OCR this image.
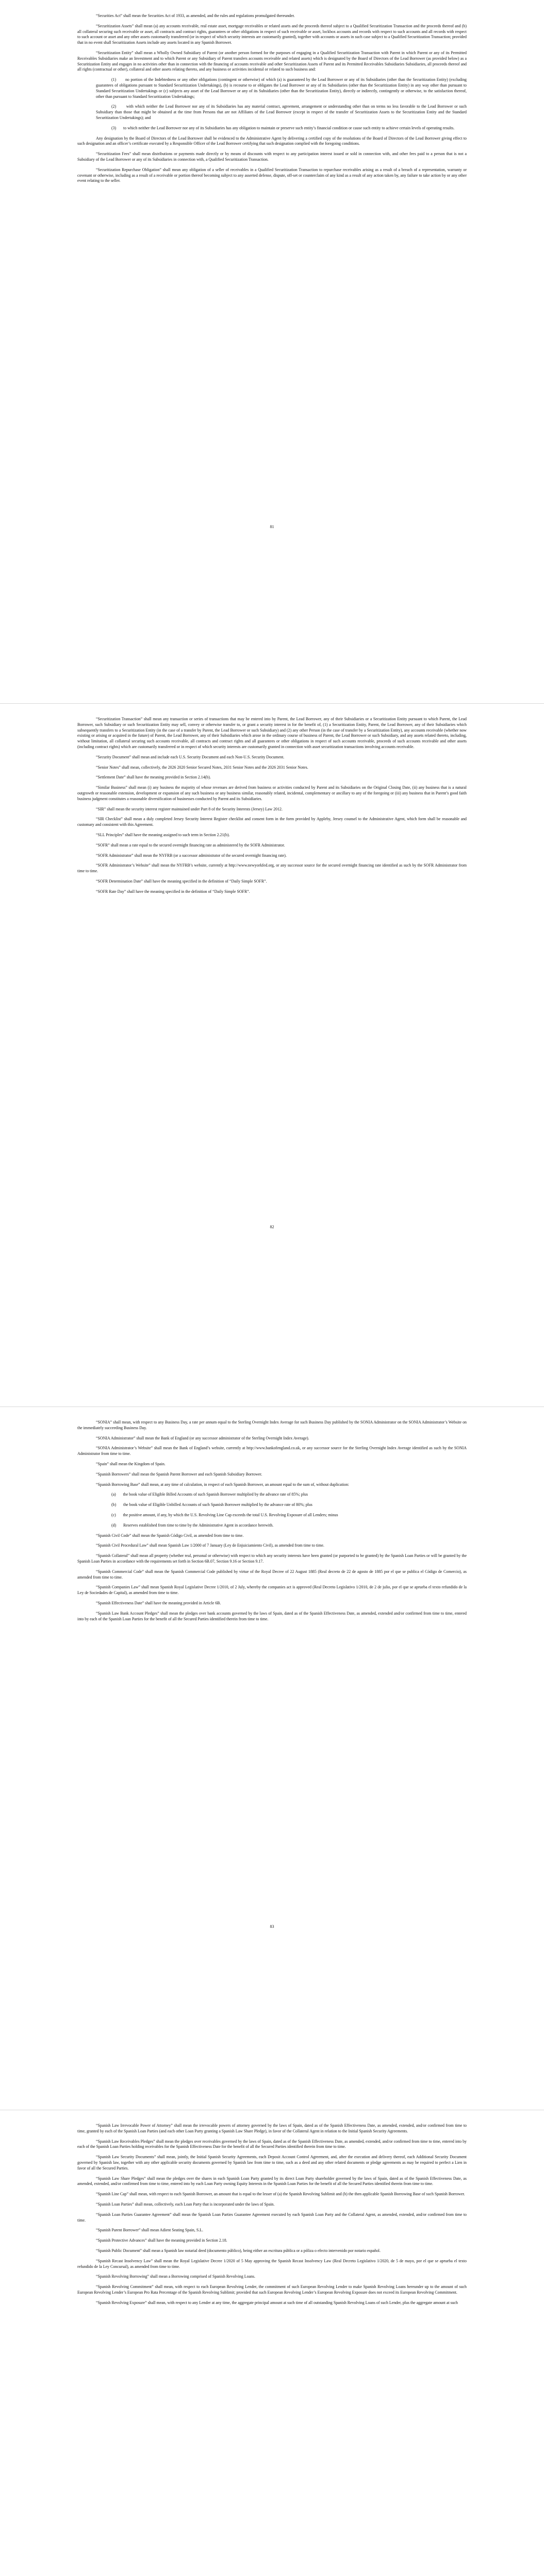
“Securities Act” shall mean the Securities Act of 1933, as amended, and the rules and regulations promulgated thereunder.

“Securitization Assets” shall mean (a) any accounts receivable, real estate asset, mortgage receivables or related assets and the proceeds thereof subject to a Qualified Securitization Transaction and the proceeds thereof and (b) all collateral securing such receivable or asset, all contracts and contract rights, guarantees or other obligations in respect of such receivable or asset, lockbox accounts and records with respect to such accounts and all records with respect to such account or asset and any other assets customarily transferred (or in respect of which security interests are customarily granted), together with accounts or assets in such case subject to a Qualified Securitization Transaction; provided that in no event shall Securitization Assets include any assets located in any Spanish Borrower.

“Securitization Entity” shall mean a Wholly Owned Subsidiary of Parent (or another person formed for the purposes of engaging in a Qualified Securitization Transaction with Parent in which Parent or any of its Permitted Receivables Subsidiaries make an Investment and to which Parent or any Subsidiary of Parent transfers accounts receivable and related assets) which is designated by the Board of Directors of the Lead Borrower (as provided below) as a Securitization Entity and engages in no activities other than in connection with the financing of accounts receivable and other Securitization Assets of Parent and its Permitted Receivables Subsidiaries Subsidiaries, all proceeds thereof and all rights (contractual or other), collateral and other assets relating thereto, and any business or activities incidental or related to such business and:

(1)       no portion of the Indebtedness or any other obligations (contingent or otherwise) of which (a) is guaranteed by the Lead Borrower or any of its Subsidiaries (other than the Securitization Entity) (excluding guarantees of obligations pursuant to Standard Securitization Undertakings), (b) is recourse to or obligates the Lead Borrower or any of its Subsidiaries (other than the Securitization Entity) in any way other than pursuant to Standard Securitization Undertakings or (c) subjects any asset of the Lead Borrower or any of its Subsidiaries (other than the Securitization Entity), directly or indirectly, contingently or otherwise, to the satisfaction thereof, other than pursuant to Standard Securitization Undertakings;

(2)       with which neither the Lead Borrower nor any of its Subsidiaries has any material contract, agreement, arrangement or understanding other than on terms no less favorable to the Lead Borrower or such Subsidiary than those that might be obtained at the time from Persons that are not Affiliates of the Lead Borrower (except in respect of the transfer of Securitization Assets to the Securitization Entity and the Standard Securitization Undertakings); and

(3)       to which neither the Lead Borrower nor any of its Subsidiaries has any obligation to maintain or preserve such entity’s financial condition or cause such entity to achieve certain levels of operating results.

Any designation by the Board of Directors of the Lead Borrower shall be evidenced to the Administrative Agent by delivering a certified copy of the resolutions of the Board of Directors of the Lead Borrower giving effect to such designation and an officer’s certificate executed by a Responsible Officer of the Lead Borrower certifying that such designation complied with the foregoing conditions.

“Securitization Fees” shall mean distributions or payments made directly or by means of discounts with respect to any participation interest issued or sold in connection with, and other fees paid to a person that is not a Subsidiary of the Lead Borrower or any of its Subsidiaries in connection with, a Qualified Securitization Transaction.

“Securitization Repurchase Obligation” shall mean any obligation of a seller of receivables in a Qualified Securitization Transaction to repurchase receivables arising as a result of a breach of a representation, warranty or covenant or otherwise, including as a result of a receivable or portion thereof becoming subject to any asserted defense, dispute, off-set or counterclaim of any kind as a result of any action taken by, any failure to take action by or any other event relating to the seller.

81

“Securitization Transaction” shall mean any transaction or series of transactions that may be entered into by Parent, the Lead Borrower, any of their Subsidiaries or a Securitization Entity pursuant to which Parent, the Lead Borrower, such Subsidiary or such Securitization Entity may sell, convey or otherwise transfer to, or grant a security interest in for the benefit of, (1) a Securitization Entity, Parent, the Lead Borrower, any of their Subsidiaries which subsequently transfers to a Securitization Entity (in the case of a transfer by Parent, the Lead Borrower or such Subsidiary) and (2) any other Person (in the case of transfer by a Securitization Entity), any accounts receivable (whether now existing or arising or acquired in the future) of Parent, the Lead Borrower, any of their Subsidiaries which arose in the ordinary course of business of Parent, the Lead Borrower or such Subsidiary, and any assets related thereto, including, without limitation, all collateral securing such accounts receivable, all contracts and contract rights and all guarantees or other obligations in respect of such accounts receivable, proceeds of such accounts receivable and other assets (including contract rights) which are customarily transferred or in respect of which security interests are customarily granted in connection with asset securitization transactions involving accounts receivable.

“Security Document” shall mean and include each U.S. Security Document and each Non-U.S. Security Document.

“Senior Notes” shall mean, collectively, the 2026 2020 Senior Secured Notes, 2031 Senior Notes and the 2026 2031 Senior Notes.

“Settlement Date” shall have the meaning provided in Section 2.14(b).

“Similar Business” shall mean (i) any business the majority of whose revenues are derived from business or activities conducted by Parent and its Subsidiaries on the Original Closing Date, (ii) any business that is a natural outgrowth or reasonable extension, development or expansion of any such business or any business similar, reasonably related, incidental, complementary or ancillary to any of the foregoing or (iii) any business that in Parent’s good faith business judgment constitutes a reasonable diversification of businesses conducted by Parent and its Subsidiaries.

“SIR” shall mean the security interest register maintained under Part 8 of the Security Interests (Jersey) Law 2012.

“SIR Checklist” shall mean a duly completed Jersey Security Interest Register checklist and consent form in the form provided by Appleby, Jersey counsel to the Administrative Agent, which form shall be reasonable and customary and consistent with this Agreement.

“SLL Principles” shall have the meaning assigned to such term in Section 2.21(b).

“SOFR” shall mean a rate equal to the secured overnight financing rate as administered by the SOFR Administrator.

“SOFR Administrator” shall mean the NYFRB (or a successor administrator of the secured overnight financing rate).

“SOFR Administrator’s Website” shall mean the NYFRB’s website, currently at http://www.newyorkfed.org, or any successor source for the secured overnight financing rate identified as such by the SOFR Administrator from time to time.

“SOFR Determination Date” shall have the meaning specified in the definition of “Daily Simple SOFR”.

“SOFR Rate Day” shall have the meaning specified in the definition of “Daily Simple SOFR”.

82

“SONIA” shall mean, with respect to any Business Day, a rate per annum equal to the Sterling Overnight Index Average for such Business Day published by the SONIA Administrator on the SONIA Administrator’s Website on the immediately succeeding Business Day.

“SONIA Administrator” shall mean the Bank of England (or any successor administrator of the Sterling Overnight Index Average).

“SONIA Administrator’s Website” shall mean the Bank of England’s website, currently at http://www.bankofengland.co.uk, or any successor source for the Sterling Overnight Index Average identified as such by the SONIA Administrator from time to time.

“Spain” shall mean the Kingdom of Spain.

“Spanish Borrowers” shall mean the Spanish Parent Borrower and each Spanish Subsidiary Borrower.

“Spanish Borrowing Base” shall mean, at any time of calculation, in respect of each Spanish Borrower, an amount equal to the sum of, without duplication:

(a)       the book value of Eligible Billed Accounts of such Spanish Borrower multiplied by the advance rate of 85%; plus

(b)       the book value of Eligible Unbilled Accounts of such Spanish Borrower multiplied by the advance rate of 80%; plus

(c)       the positive amount, if any, by which the U.S. Revolving Line Cap exceeds the total U.S. Revolving Exposure of all Lenders; minus

(d)       Reserves established from time to time by the Administrative Agent in accordance herewith.

“Spanish Civil Code” shall mean the Spanish Código Civil, as amended from time to time.

“Spanish Civil Procedural Law” shall mean Spanish Law 1/2000 of 7 January (Ley de Enjuiciamiento Civil), as amended from time to time.

“Spanish Collateral” shall mean all property (whether real, personal or otherwise) with respect to which any security interests have been granted (or purported to be granted) by the Spanish Loan Parties or will be granted by the Spanish Loan Parties in accordance with the requirements set forth in Section 6B.07, Section 9.16 or Section 9.17.

“Spanish Commercial Code” shall mean the Spanish Commercial Code published by virtue of the Royal Decree of 22 August 1885 (Real decreto de 22 de agosto de 1885 por el que se publica el Código de Comercio), as amended from time to time.

“Spanish Companies Law” shall mean Spanish Royal Legislative Decree 1/2010, of 2 July, whereby the companies act is approved (Real Decreto Legislativo 1/2010, de 2 de julio, por el que se aprueba el texto refundido de la Ley de Sociedades de Capital), as amended from time to time.

“Spanish Effectiveness Date” shall have the meaning provided in Article 6B.

“Spanish Law Bank Account Pledges” shall mean the pledges over bank accounts governed by the laws of Spain, dated as of the Spanish Effectiveness Date, as amended, extended and/or confirmed from time to time, entered into by each of the Spanish Loan Parties for the benefit of all the Secured Parties identified therein from time to time.

83

“Spanish Law Irrevocable Power of Attorney” shall mean the irrevocable powers of attorney governed by the laws of Spain, dated as of the Spanish Effectiveness Date, as amended, extended, and/or confirmed from time to time, granted by each of the Spanish Loan Parties (and each other Loan Party granting a Spanish Law Share Pledge), in favor of the Collateral Agent in relation to the Initial Spanish Security Agreements.

“Spanish Law Receivables Pledges” shall mean the pledges over receivables governed by the laws of Spain, dated as of the Spanish Effectiveness Date, as amended, extended, and/or confirmed from time to time, entered into by each of the Spanish Loan Parties holding receivables for the Spanish Effectiveness Date for the benefit of all the Secured Parties identified therein from time to time.

“Spanish Law Security Documents” shall mean, jointly, the Initial Spanish Security Agreements, each Deposit Account Control Agreement, and, after the execution and delivery thereof, each Additional Security Document governed by Spanish law, together with any other applicable security documents governed by Spanish law from time to time, such as a deed and any other related documents or pledge agreements as may be required to perfect a Lien in favor of all the Secured Parties.

“Spanish Law Share Pledges” shall mean the pledges over the shares in each Spanish Loan Party granted by its direct Loan Party shareholder governed by the laws of Spain, dated as of the Spanish Effectiveness Date, as amended, extended, and/or confirmed from time to time, entered into by each Loan Party owning Equity Interests in the Spanish Loan Parties for the benefit of all the Secured Parties identified therein from time to time.

“Spanish Line Cap” shall mean, with respect to each Spanish Borrower, an amount that is equal to the lesser of (a) the Spanish Revolving Sublimit and (b) the then applicable Spanish Borrowing Base of such Spanish Borrower.

“Spanish Loan Parties” shall mean, collectively, each Loan Party that is incorporated under the laws of Spain.

“Spanish Loan Parties Guarantee Agreement” shall mean the Spanish Loan Parties Guarantee Agreement executed by each Spanish Loan Party and the Collateral Agent, as amended, extended, and/or confirmed from time to time.

“Spanish Parent Borrower” shall mean Adient Seating Spain, S.L.

“Spanish Protective Advances” shall have the meaning provided in Section 2.18.

“Spanish Public Document” shall mean a Spanish law notarial deed (documento público), being either an escritura pública or a póliza o efecto intervenido por notario español.

“Spanish Recast Insolvency Law” shall mean the Royal Legislative Decree 1/2020 of 5 May approving the Spanish Recast Insolvency Law (Real Decreto Legislativo 1/2020, de 5 de mayo, por el que se aprueba el texto refundido de la Ley Concursal), as amended from time to time.

“Spanish Revolving Borrowing” shall mean a Borrowing comprised of Spanish Revolving Loans.

“Spanish Revolving Commitment” shall mean, with respect to each European Revolving Lender, the commitment of such European Revolving Lender to make Spanish Revolving Loans hereunder up to the amount of such European Revolving Lender’s European Pro Rata Percentage of the Spanish Revolving Sublimit; provided that such European Revolving Lender’s European Revolving Exposure does not exceed its European Revolving Commitment.

“Spanish Revolving Exposure” shall mean, with respect to any Lender at any time, the aggregate principal amount at such time of all outstanding Spanish Revolving Loans of such Lender, plus the aggregate amount at such
